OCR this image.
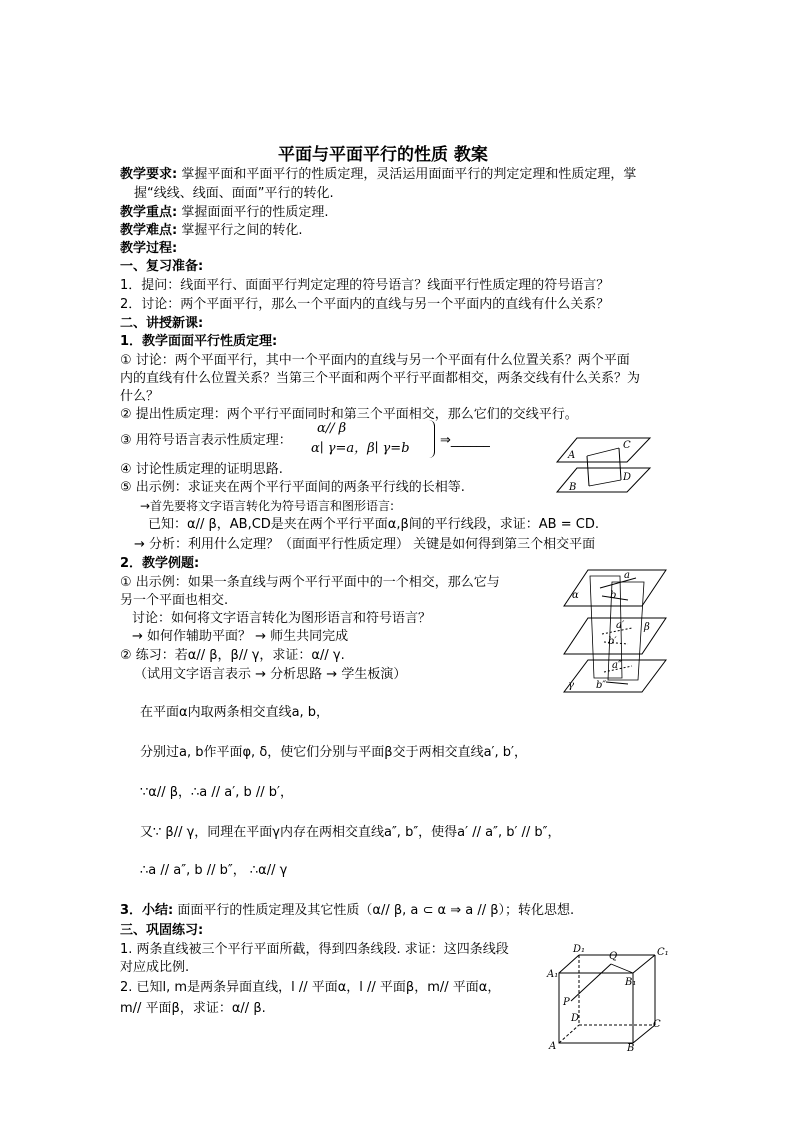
平面与平面平行的性质 教案
教学要求: 掌握平面和平面平行的性质定理，灵活运用面面平行的判定定理和性质定理，掌
握“线线、线面、面面”平行的转化.
教学重点: 掌握面面平行的性质定理.
教学难点: 掌握平行之间的转化.
教学过程:
一、复习准备:
1．提问：线面平行、面面平行判定定理的符号语言？线面平行性质定理的符号语言？
2．讨论：两个平面平行，那么一个平面内的直线与另一个平面内的直线有什么关系？
二、讲授新课:
1．教学面面平行性质定理:
① 讨论：两个平面平行，其中一个平面内的直线与另一个平面有什么位置关系？两个平面
内的直线有什么位置关系？当第三个平面和两个平行平面都相交，两条交线有什么关系？为
什么？
② 提出性质定理：两个平行平面同时和第三个平面相交，那么它们的交线平行。
③ 用符号语言表示性质定理：
α// β
α∣ γ=a，β∣ γ=b
⇒______
④ 讨论性质定理的证明思路.
⑤ 出示例：求证夹在两个平行平面间的两条平行线的长相等.
→首先要将文字语言转化为符号语言和图形语言:
已知：α// β，AB,CD是夹在两个平行平面α,β间的平行线段，求证：AB = CD.
→ 分析：利用什么定理？（面面平行性质定理） 关键是如何得到第三个相交平面
2．教学例题:
① 出示例：如果一条直线与两个平行平面中的一个相交，那么它与
另一个平面也相交.
讨论：如何将文字语言转化为图形语言和符号语言？
→ 如何作辅助平面？ → 师生共同完成
② 练习：若α// β，β// γ，求证：α// γ.
（试用文字语言表示 → 分析思路 → 学生板演）
在平面α内取两条相交直线a, b，
分别过a, b作平面φ, δ，使它们分别与平面β交于两相交直线a′, b′，
∵α// β，∴a // a′, b // b′，
又∵ β// γ，同理在平面γ内存在两相交直线a″, b″，使得a′ // a″, b′ // b″，
∴a // a″, b // b″， ∴α// γ
3．小结: 面面平行的性质定理及其它性质（α// β, a ⊂ α ⇒ a // β）；转化思想.
三、巩固练习:
1. 两条直线被三个平行平面所截，得到四条线段. 求证：这四条线段
对应成比例.
2. 已知l, m是两条异面直线，l // 平面α，l // 平面β，m// 平面α，
m// 平面β，求证：α// β.
A
C
D
B
a
α	b
a′
b′
β
a″
b″
γ
D₁
Q	C₁
A₁
B₁
P
D
C
A	B
